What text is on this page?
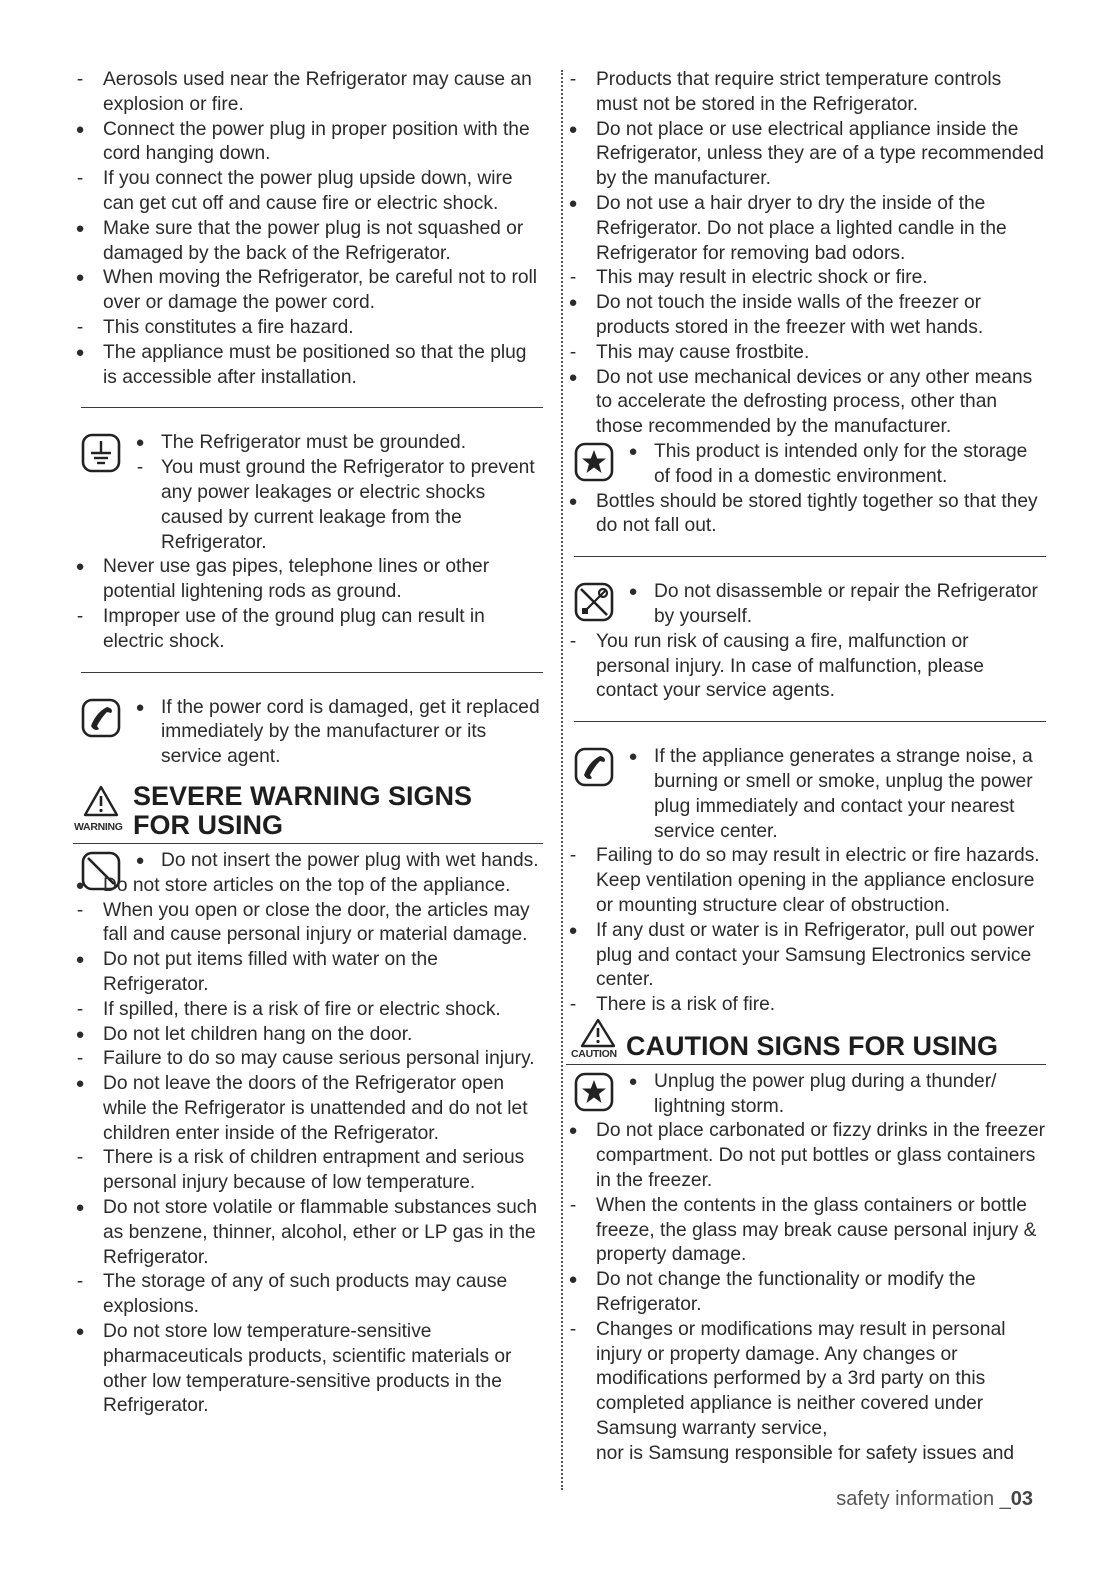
- Aerosols used near the Refrigerator may cause an explosion or fire.

● Connect the power plug in proper position with the cord hanging down.

- If you connect the power plug upside down, wire can get cut off and cause fire or electric shock.

● Make sure that the power plug is not squashed or damaged by the back of the Refrigerator.

● When moving the Refrigerator, be careful not to roll over or damage the power cord.

- This constitutes a fire hazard.

● The appliance must be positioned so that the plug is accessible after installation.

● The Refrigerator must be grounded.

- You must ground the Refrigerator to prevent any power leakages or electric shocks caused by current leakage from the Refrigerator.

● Never use gas pipes, telephone lines or other potential lightening rods as ground.

- Improper use of the ground plug can result in electric shock.

● If the power cord is damaged, get it replaced immediately by the manufacturer or its service agent.

WARNING
SEVERE WARNING SIGNS
FOR USING

● Do not insert the power plug with wet hands.

● Do not store articles on the top of the appliance.

- When you open or close the door, the articles may fall and cause personal injury or material damage.

● Do not put items filled with water on the Refrigerator.

- If spilled, there is a risk of fire or electric shock.

● Do not let children hang on the door.

- Failure to do so may cause serious personal injury.

● Do not leave the doors of the Refrigerator open while the Refrigerator is unattended and do not let children enter inside of the Refrigerator.

- There is a risk of children entrapment and serious personal injury because of low temperature.

● Do not store volatile or flammable substances such as benzene, thinner, alcohol, ether or LP gas in the Refrigerator.

- The storage of any of such products may cause explosions.

● Do not store low temperature-sensitive pharmaceuticals products, scientific materials or other low temperature-sensitive products in the Refrigerator.

- Products that require strict temperature controls must not be stored in the Refrigerator.

● Do not place or use electrical appliance inside the Refrigerator, unless they are of a type recommended by the manufacturer.

● Do not use a hair dryer to dry the inside of the Refrigerator. Do not place a lighted candle in the Refrigerator for removing bad odors.

- This may result in electric shock or fire.

● Do not touch the inside walls of the freezer or products stored in the freezer with wet hands.

- This may cause frostbite.

● Do not use mechanical devices or any other means to accelerate the defrosting process, other than those recommended by the manufacturer.

● This product is intended only for the storage of food in a domestic environment.

● Bottles should be stored tightly together so that they do not fall out.

● Do not disassemble or repair the Refrigerator by yourself.

- You run risk of causing a fire, malfunction or personal injury. In case of malfunction, please contact your service agents.

● If the appliance generates a strange noise, a burning or smell or smoke, unplug the power plug immediately and contact your nearest service center.

- Failing to do so may result in electric or fire hazards. Keep ventilation opening in the appliance enclosure or mounting structure clear of obstruction.

● If any dust or water is in Refrigerator, pull out power plug and contact your Samsung Electronics service center.

- There is a risk of fire.

CAUTION CAUTION SIGNS FOR USING

● Unplug the power plug during a thunder/ lightning storm.

● Do not place carbonated or fizzy drinks in the freezer compartment. Do not put bottles or glass containers in the freezer.

- When the contents in the glass containers or bottle freeze, the glass may break cause personal injury & property damage.

● Do not change the functionality or modify the Refrigerator.

- Changes or modifications may result in personal injury or property damage. Any changes or modifications performed by a 3rd party on this completed appliance is neither covered under Samsung warranty service,

nor is Samsung responsible for safety issues and

safety information _03
